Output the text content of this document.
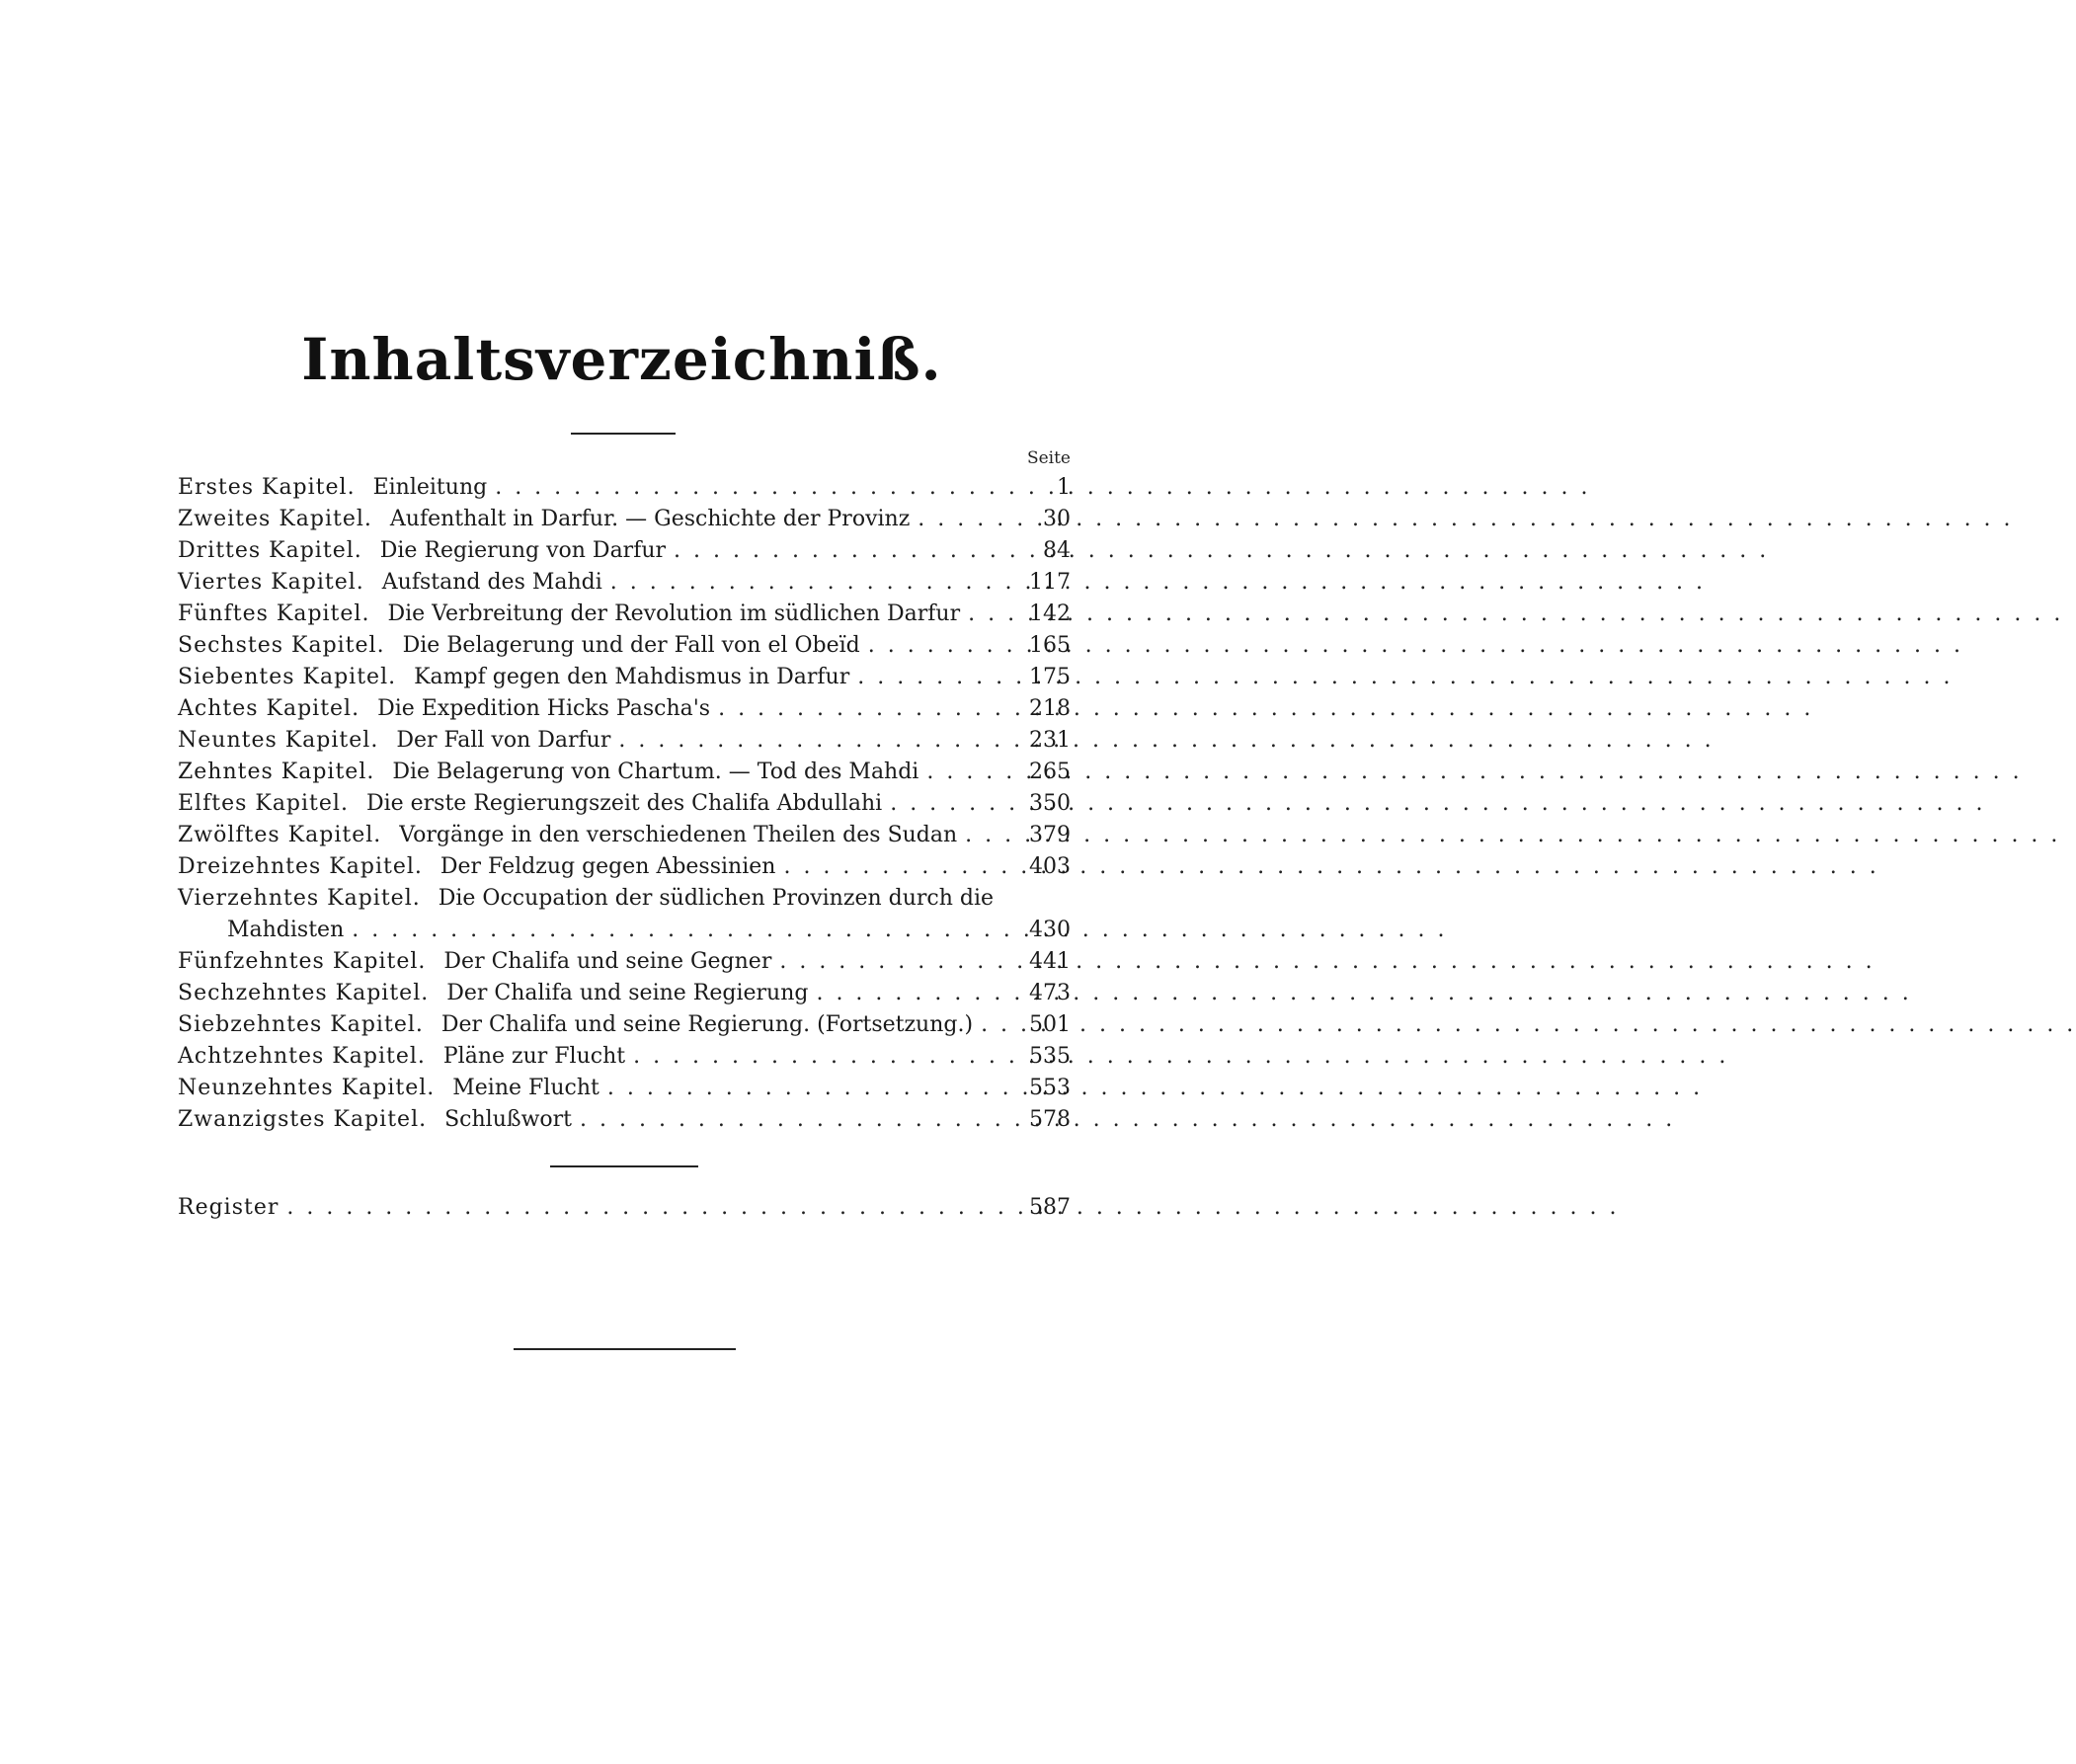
Inhaltsverzeichniß.
Seite
Erstes Kapitel. Einleitung . . .	1
Zweites Kapitel. Aufenthalt in Darfur. — Geschichte der Provinz . . .	30
Drittes Kapitel. Die Regierung von Darfur . . .	84
Viertes Kapitel. Aufstand des Mahdi . . .	117
Fünftes Kapitel. Die Verbreitung der Revolution im südlichen Darfur . . .	142
Sechstes Kapitel. Die Belagerung und der Fall von el Obeïd . . .	165
Siebentes Kapitel. Kampf gegen den Mahdismus in Darfur . . .	175
Achtes Kapitel. Die Expedition Hicks Pascha's . . .	218
Neuntes Kapitel. Der Fall von Darfur . . .	231
Zehntes Kapitel. Die Belagerung von Chartum. — Tod des Mahdi . . .	265
Elftes Kapitel. Die erste Regierungszeit des Chalifa Abdullahi . . .	350
Zwölftes Kapitel. Vorgänge in den verschiedenen Theilen des Sudan . . .	379
Dreizehntes Kapitel. Der Feldzug gegen Abessinien . . .	403
Vierzehntes Kapitel. Die Occupation der südlichen Provinzen durch die
Mahdisten . . .	430
Fünfzehntes Kapitel. Der Chalifa und seine Gegner . . .	441
Sechzehntes Kapitel. Der Chalifa und seine Regierung . . .	473
Siebzehntes Kapitel. Der Chalifa und seine Regierung. (Fortsetzung.) . . .	501
Achtzehntes Kapitel. Pläne zur Flucht . . .	535
Neunzehntes Kapitel. Meine Flucht . . .	553
Zwanzigstes Kapitel. Schlußwort . . .	578
Register . . .	587
